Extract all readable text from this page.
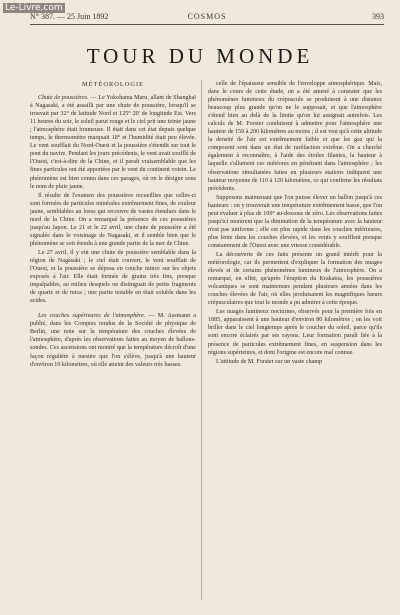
Le-Livre.com
N° 387. — 25 Juin 1892	COSMOS	393
TOUR DU MONDE
MÉTÉOROLOGIE

Chute de poussières. — Le Yokohama Maru, allant de Shanghaï à Nagasaki, a été assailli par une chute de poussière, lorsqu'il se trouvait par 32° de latitude Nord et 125° 20' de longitude Est. Vers 11 heures du soir, le soleil parut rouge et le ciel prit une teinte jaune ; l'atmosphère était brumeuse. Il était dans cet état depuis quelque temps, le thermomètre marquait 18° et l'humidité était peu élevée. Le vent soufflait du Nord-Ouest et la poussière s'étendit sur tout le pont du navire. Pendant les jours précédents, le vent avait soufflé de l'Ouest, c'est-à-dire de la Chine, et il paraît vraisemblable que les fines particules ont été apportées par le vent du continent voisin. Le phénomène est bien connu dans ces parages, où on le désigne sous le nom de pluie jaune.

Il résulte de l'examen des poussières recueillies que celles-ci sont formées de particules minérales extrêmement fines, de couleur jaune, semblables au loess qui recouvre de vastes étendues dans le nord de la Chine. On a remarqué la présence de ces poussières jusqu'au Japon. Le 21 et le 22 avril, une chute de poussière a été signalée dans le voisinage de Nagasaki, et il semble bien que le phénomène se soit étendu à une grande partie de la mer de Chine.

Le 27 avril, il y eut une chute de poussière semblable dans la région de Nagasaki ; le ciel était couvert, le vent soufflait de l'Ouest, et la poussière se déposa en couche mince sur les objets exposés à l'air. Elle était formée de grains très fins, presque impalpables, au milieu desquels on distinguait de petits fragments de quartz et de mica ; une partie notable en était soluble dans les acides.

Les couches supérieures de l'atmosphère. — M. Assmann a publié, dans les Comptes rendus de la Société de physique de Berlin, une note sur la température des couches élevées de l'atmosphère, d'après les observations faites au moyen de ballons-sondes. Ces ascensions ont montré que la température décroît d'une façon régulière à mesure que l'on s'élève, jusqu'à une hauteur d'environ 10 kilomètres, où elle atteint des valeurs très basses.

celle de l'épaisseur sensible de l'enveloppe atmosphérique. Mais, dans le cours de cette étude, on a été amené à constater que les phénomènes lumineux du crépuscule se produisent à une distance beaucoup plus grande qu'on ne le supposait, et que l'atmosphère s'étend bien au delà de la limite qu'on lui assignait autrefois. Les calculs de M. Forster conduisent à admettre pour l'atmosphère une hauteur de 150 à 200 kilomètres au moins ; il est vrai qu'à cette altitude la densité de l'air est extrêmement faible et que les gaz qui la composent sont dans un état de raréfaction extrême. On a cherché également à reconnaître, à l'aide des étoiles filantes, la hauteur à laquelle s'allument ces météores en pénétrant dans l'atmosphère ; les observations simultanées faites en plusieurs stations indiquent une hauteur moyenne de 110 à 120 kilomètres, ce qui confirme les résultats précédents.

Supposons maintenant que l'on puisse élever un ballon jusqu'à ces hauteurs : on y trouverait une température extrêmement basse, que l'on peut évaluer à plus de 100° au-dessous de zéro. Les observations faites jusqu'ici montrent que la diminution de la température avec la hauteur n'est pas uniforme ; elle est plus rapide dans les couches inférieures, plus lente dans les couches élevées, et les vents y soufflent presque constamment de l'Ouest avec une vitesse considérable.

La découverte de ces faits présente un grand intérêt pour la météorologie, car ils permettent d'expliquer la formation des nuages élevés et de certains phénomènes lumineux de l'atmosphère. On a remarqué, en effet, qu'après l'éruption du Krakatoa, les poussières volcaniques se sont maintenues pendant plusieurs années dans les couches élevées de l'air, où elles produisaient les magnifiques lueurs crépusculaires que tout le monde a pu admirer à cette époque.

Les nuages lumineux nocturnes, observés pour la première fois en 1885, apparaissent à une hauteur d'environ 80 kilomètres ; on les voit briller dans le ciel longtemps après le coucher du soleil, parce qu'ils sont encore éclairés par ses rayons. Leur formation paraît liée à la présence de particules extrêmement fines, en suspension dans les régions supérieures, et dont l'origine est encore mal connue.

L'attitude de M. Forster sur un vaste champ
